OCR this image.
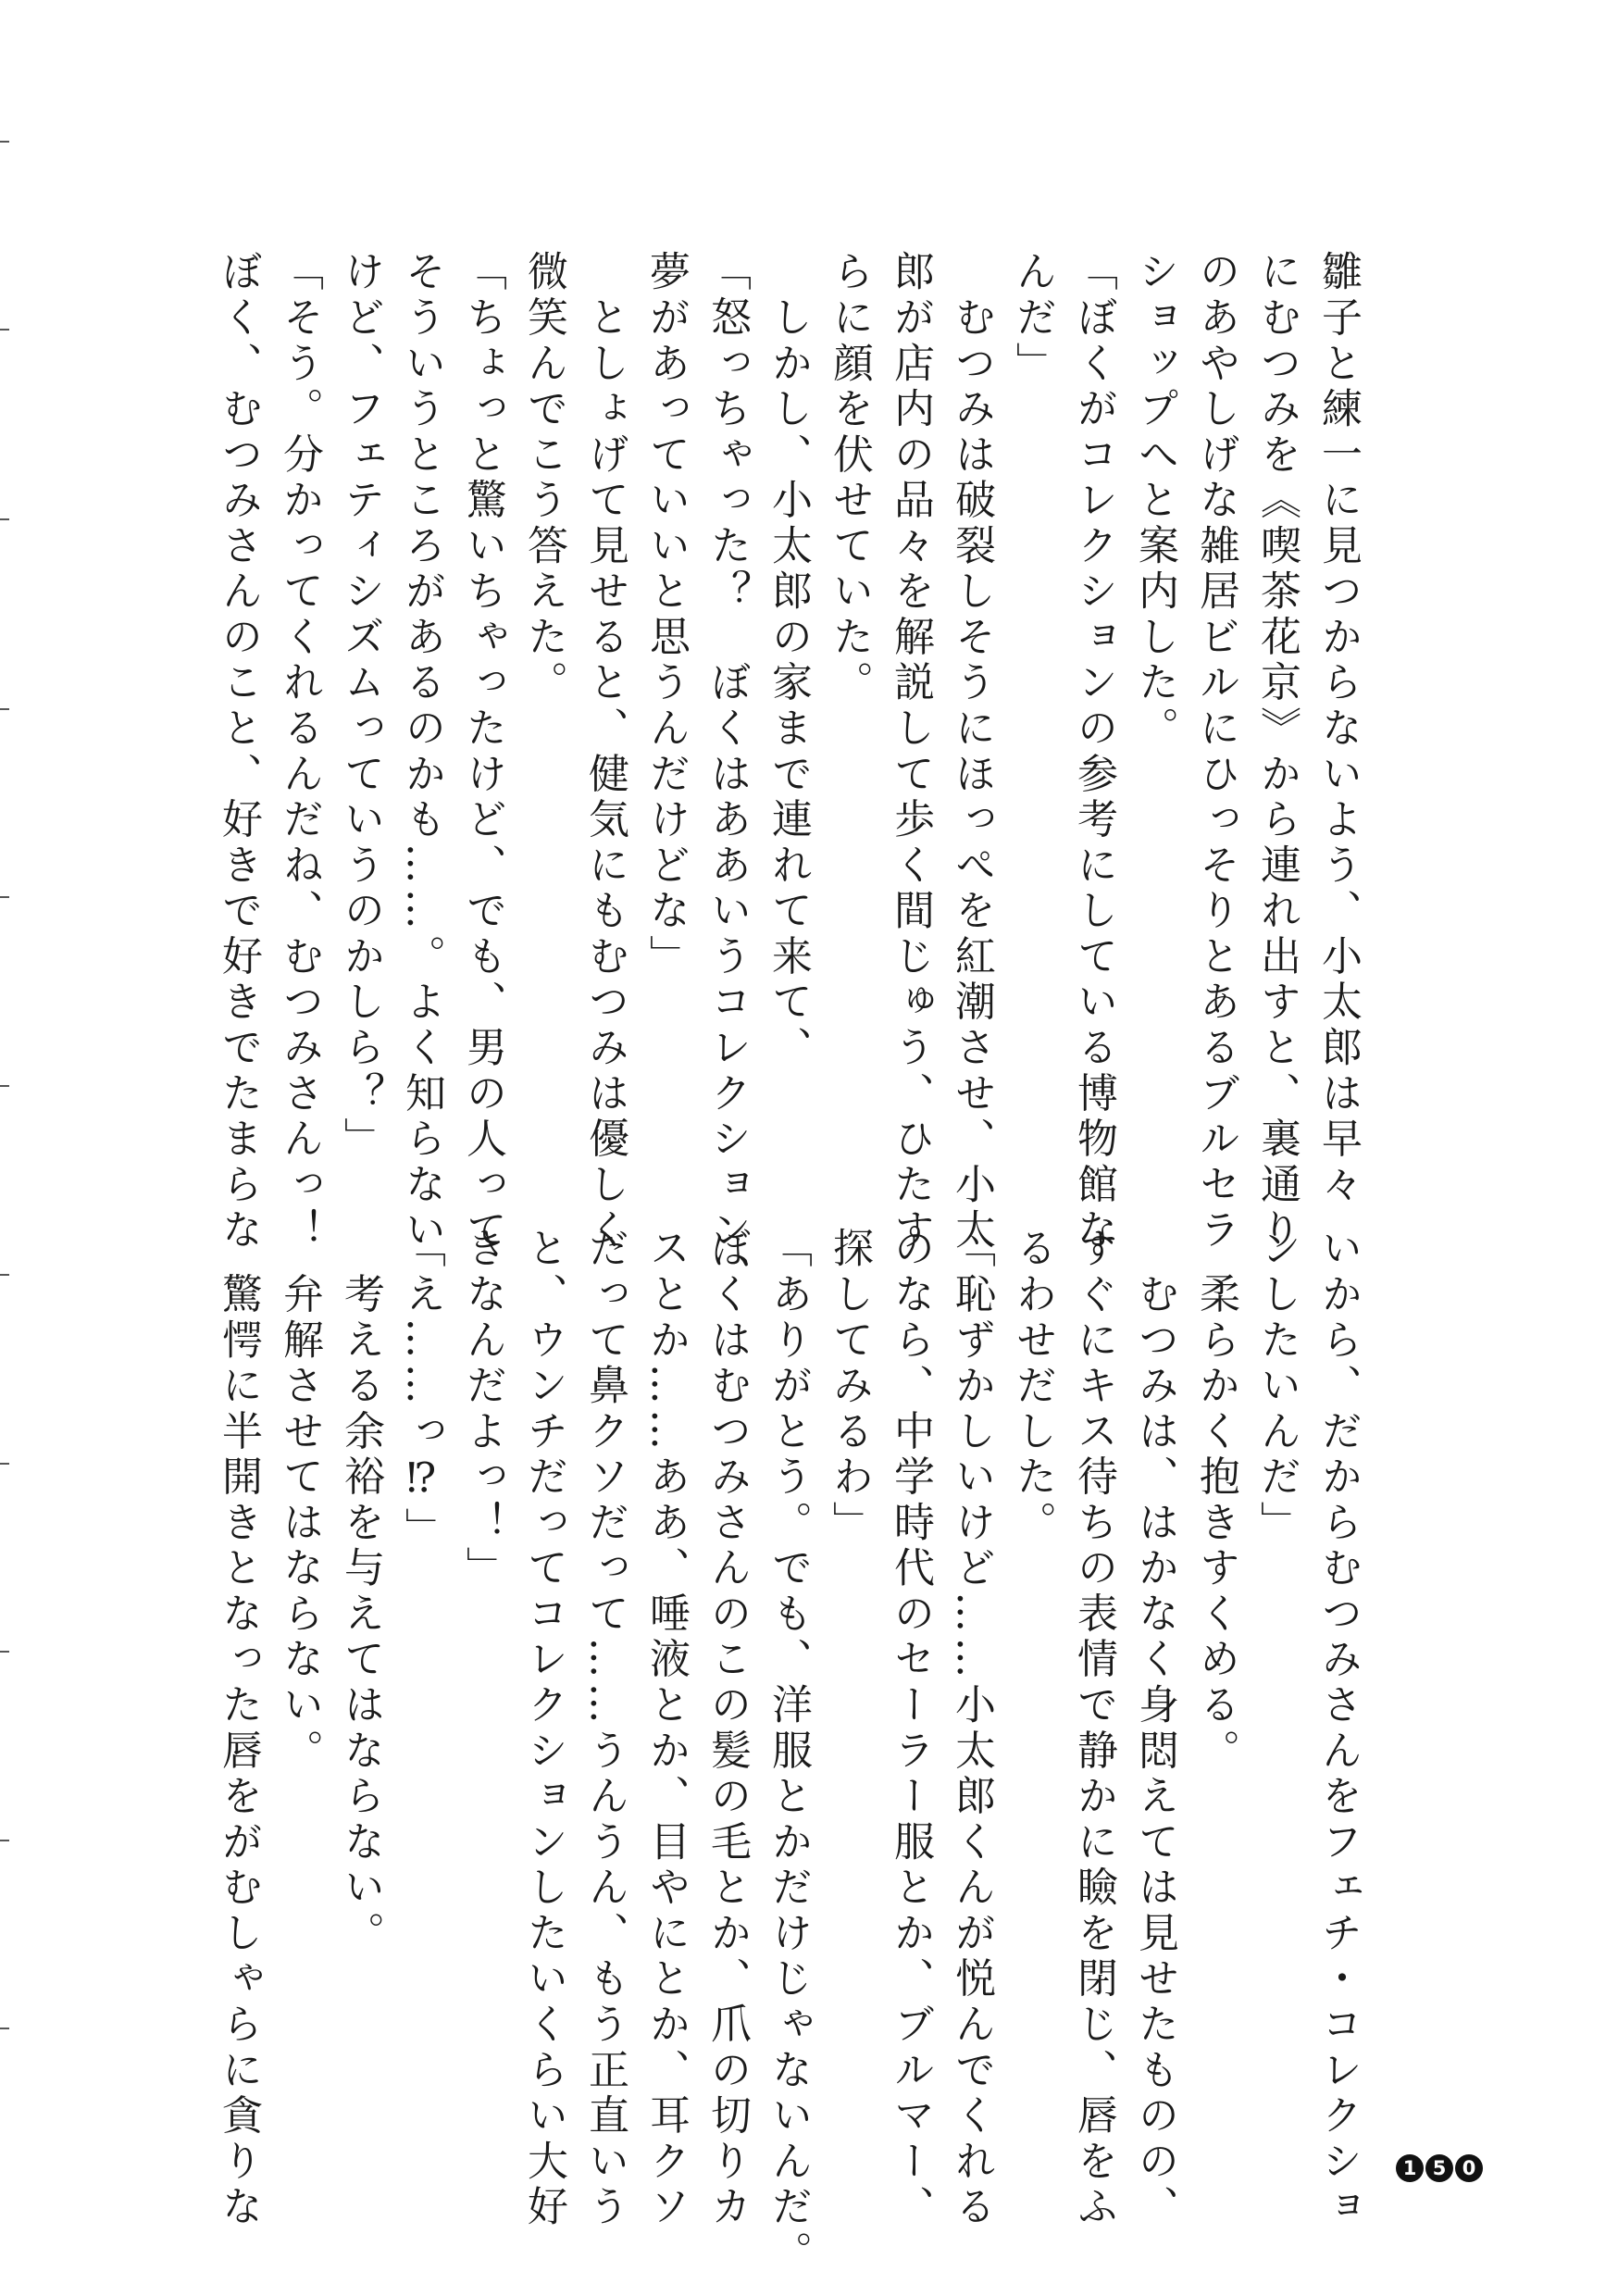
雛子と練一に見つからないよう、小太郎は早々

にむつみを《喫茶花京》から連れ出すと、裏通り

のあやしげな雑居ビルにひっそりとあるブルセラ

ショップへと案内した。

「ぼくがコレクションの参考にしている博物館な

んだ」

　むつみは破裂しそうにほっぺを紅潮させ、小太

郎が店内の品々を解説して歩く間じゅう、ひたす

らに顔を伏せていた。

　しかし、小太郎の家まで連れて来て、

「怒っちゃった？　ぼくはああいうコレクション、

夢があっていいと思うんだけどな」

　としょげて見せると、健気にもむつみは優しく

微笑んでこう答えた。

「ちょっと驚いちゃったけど、でも、男の人って

そういうところがあるのかも……。よく知らない

けど、フェティシズムっていうのかしら？」

「そう。分かってくれるんだね、むつみさんっ！

ぼく、むつみさんのこと、好きで好きでたまらな

いから、だからむつみさんをフェチ・コレクショ

ンしたいんだ」

　柔らかく抱きすくめる。

　むつみは、はかなく身悶えては見せたものの、

すぐにキス待ちの表情で静かに瞼を閉じ、唇をふ

るわせだした。

「恥ずかしいけど……小太郎くんが悦んでくれる

のなら、中学時代のセーラー服とか、ブルマー、

探してみるわ」

「ありがとう。でも、洋服とかだけじゃないんだ。

ぼくはむつみさんのこの髪の毛とか、爪の切りカ

スとか……ああ、唾液とか、目やにとか、耳クソ

だって鼻クソだって……うんうん、もう正直いう

と、ウンチだってコレクションしたいくらい大好

きなんだよっ！」

「え……っ⁉」

　考える余裕を与えてはならない。

　弁解させてはならない。

　驚愕に半開きとなった唇をがむしゃらに貪りな	1 5 0
